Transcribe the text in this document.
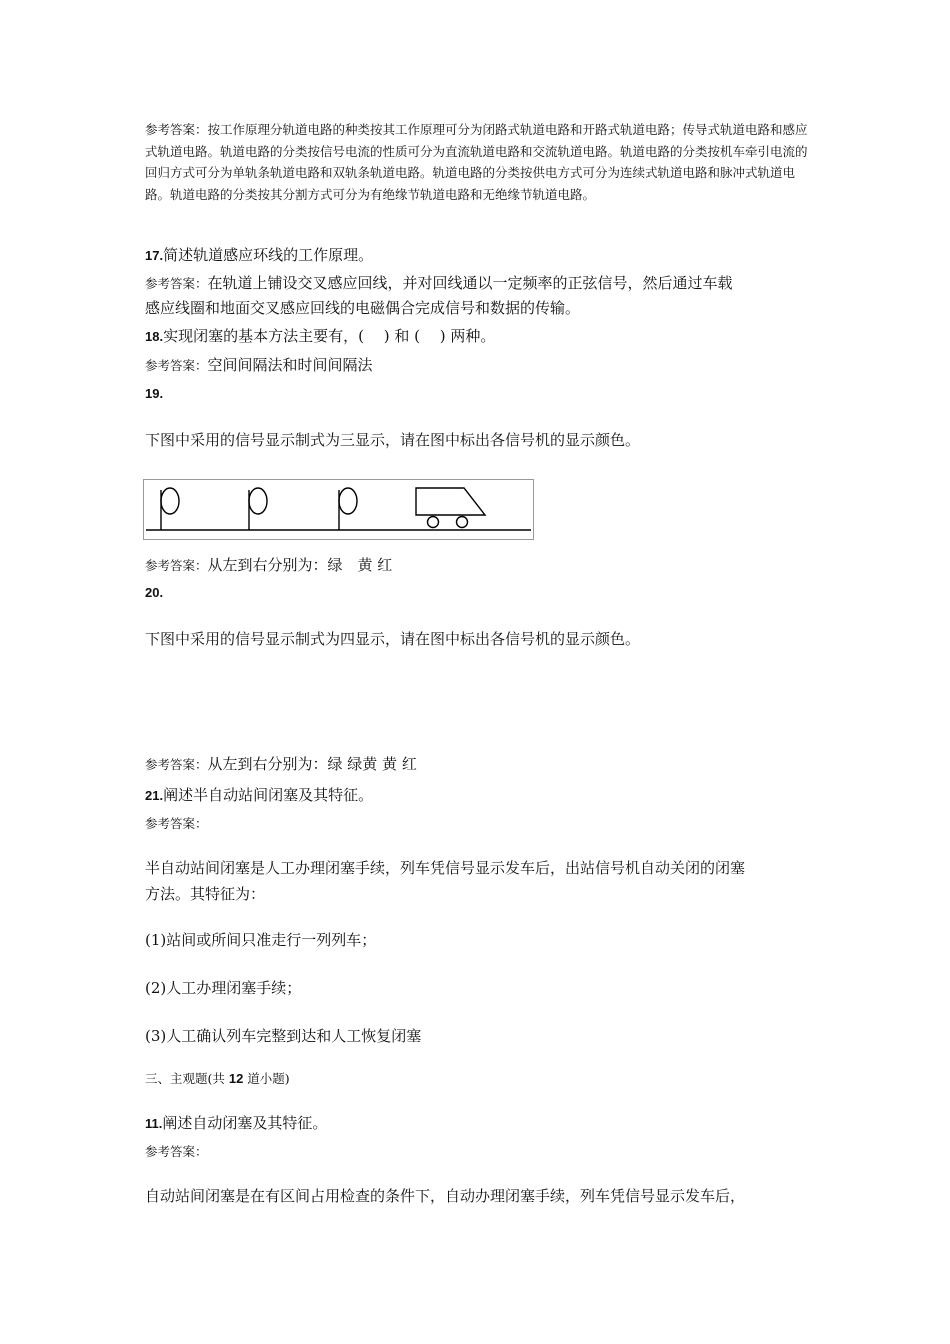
参考答案：按工作原理分轨道电路的种类按其工作原理可分为闭路式轨道电路和开路式轨道电路；传导式轨道电路和感应式轨道电路。轨道电路的分类按信号电流的性质可分为直流轨道电路和交流轨道电路。轨道电路的分类按机车牵引电流的回归方式可分为单轨条轨道电路和双轨条轨道电路。轨道电路的分类按供电方式可分为连续式轨道电路和脉冲式轨道电路。轨道电路的分类按其分割方式可分为有绝缘节轨道电路和无绝缘节轨道电路。
17.简述轨道感应环线的工作原理。
参考答案：在轨道上铺设交叉感应回线，并对回线通以一定频率的正弦信号，然后通过车载
感应线圈和地面交叉感应回线的电磁偶合完成信号和数据的传输。
18.实现闭塞的基本方法主要有，(　 ) 和 (　 ) 两种。
参考答案：空间间隔法和时间间隔法
19.
下图中采用的信号显示制式为三显示，请在图中标出各信号机的显示颜色。
参考答案：从左到右分别为：绿　黄 红
20.
下图中采用的信号显示制式为四显示，请在图中标出各信号机的显示颜色。
参考答案：从左到右分别为：绿 绿黄 黄 红
21.阐述半自动站间闭塞及其特征。
参考答案：
半自动站间闭塞是人工办理闭塞手续，列车凭信号显示发车后，出站信号机自动关闭的闭塞
方法。其特征为：
(1)站间或所间只准走行一列列车；
(2)人工办理闭塞手续；
(3)人工确认列车完整到达和人工恢复闭塞
三、主观题(共 12 道小题)
11.阐述自动闭塞及其特征。
参考答案：
自动站间闭塞是在有区间占用检查的条件下，自动办理闭塞手续，列车凭信号显示发车后，
